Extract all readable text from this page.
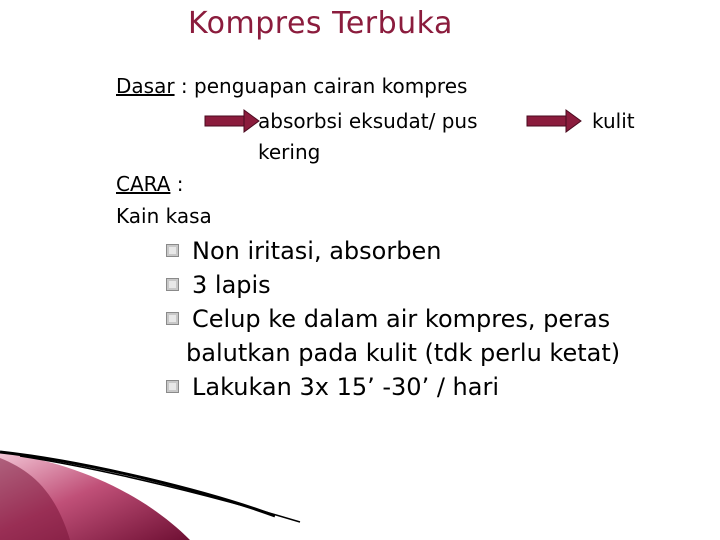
Kompres Terbuka
Dasar : penguapan cairan kompres
absorbsi eksudat/ pus	kulit
kering
CARA :
Kain kasa
Non iritasi, absorben
3 lapis
Celup ke dalam air kompres, peras
balutkan pada kulit (tdk perlu ketat)
Lakukan 3x 15’ -30’ / hari
